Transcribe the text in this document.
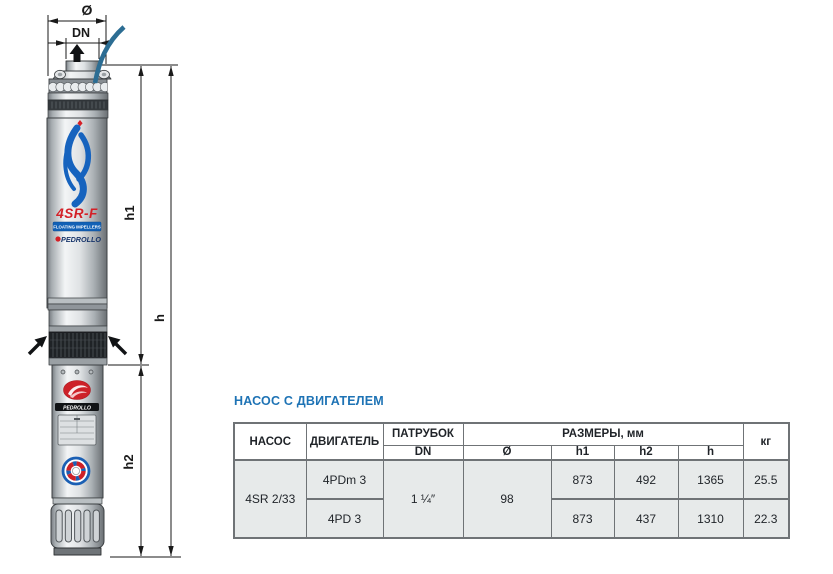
4SR-F
FLOATING IMPELLERS
PEDROLLO
PEDROLLO
Ø
DN
h1
h2
h

НАСОС С ДВИГАТЕЛЕМ

НАСОС	ДВИГАТЕЛЬ	ПАТРУБОК	РАЗМЕРЫ, мм				кг
		DN	Ø	h1	h2	h	
4SR 2/33	4PDm 3	1 ¼″	98	873	492	1365	25.5
	4PD 3			873	437	1310	22.3
